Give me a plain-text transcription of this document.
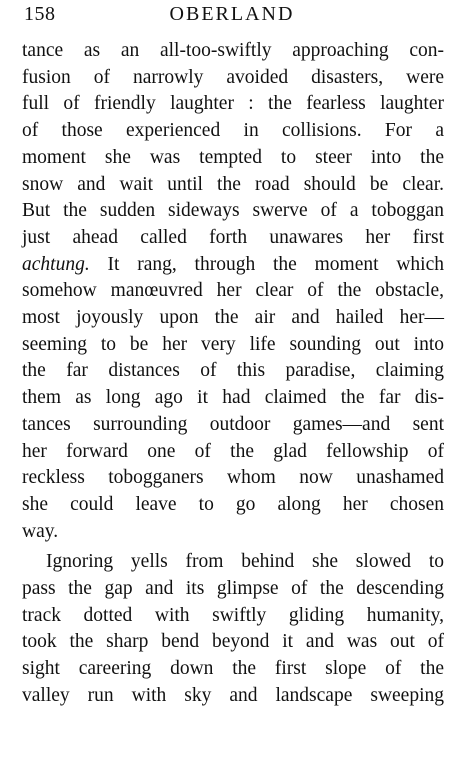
158	OBERLAND

tance as an all-too-swiftly approaching con-
fusion of narrowly avoided disasters, were
full of friendly laughter : the fearless laughter
of those experienced in collisions. For a
moment she was tempted to steer into the
snow and wait until the road should be clear.
But the sudden sideways swerve of a toboggan
just ahead called forth unawares her first
achtung. It rang, through the moment which
somehow manœuvred her clear of the obstacle,
most joyously upon the air and hailed her—
seeming to be her very life sounding out into
the far distances of this paradise, claiming
them as long ago it had claimed the far dis-
tances surrounding outdoor games—and sent
her forward one of the glad fellowship of
reckless tobogganers whom now unashamed
she could leave to go along her chosen
way.

Ignoring yells from behind she slowed to
pass the gap and its glimpse of the descending
track dotted with swiftly gliding humanity,
took the sharp bend beyond it and was out of
sight careering down the first slope of the
valley run with sky and landscape sweeping
